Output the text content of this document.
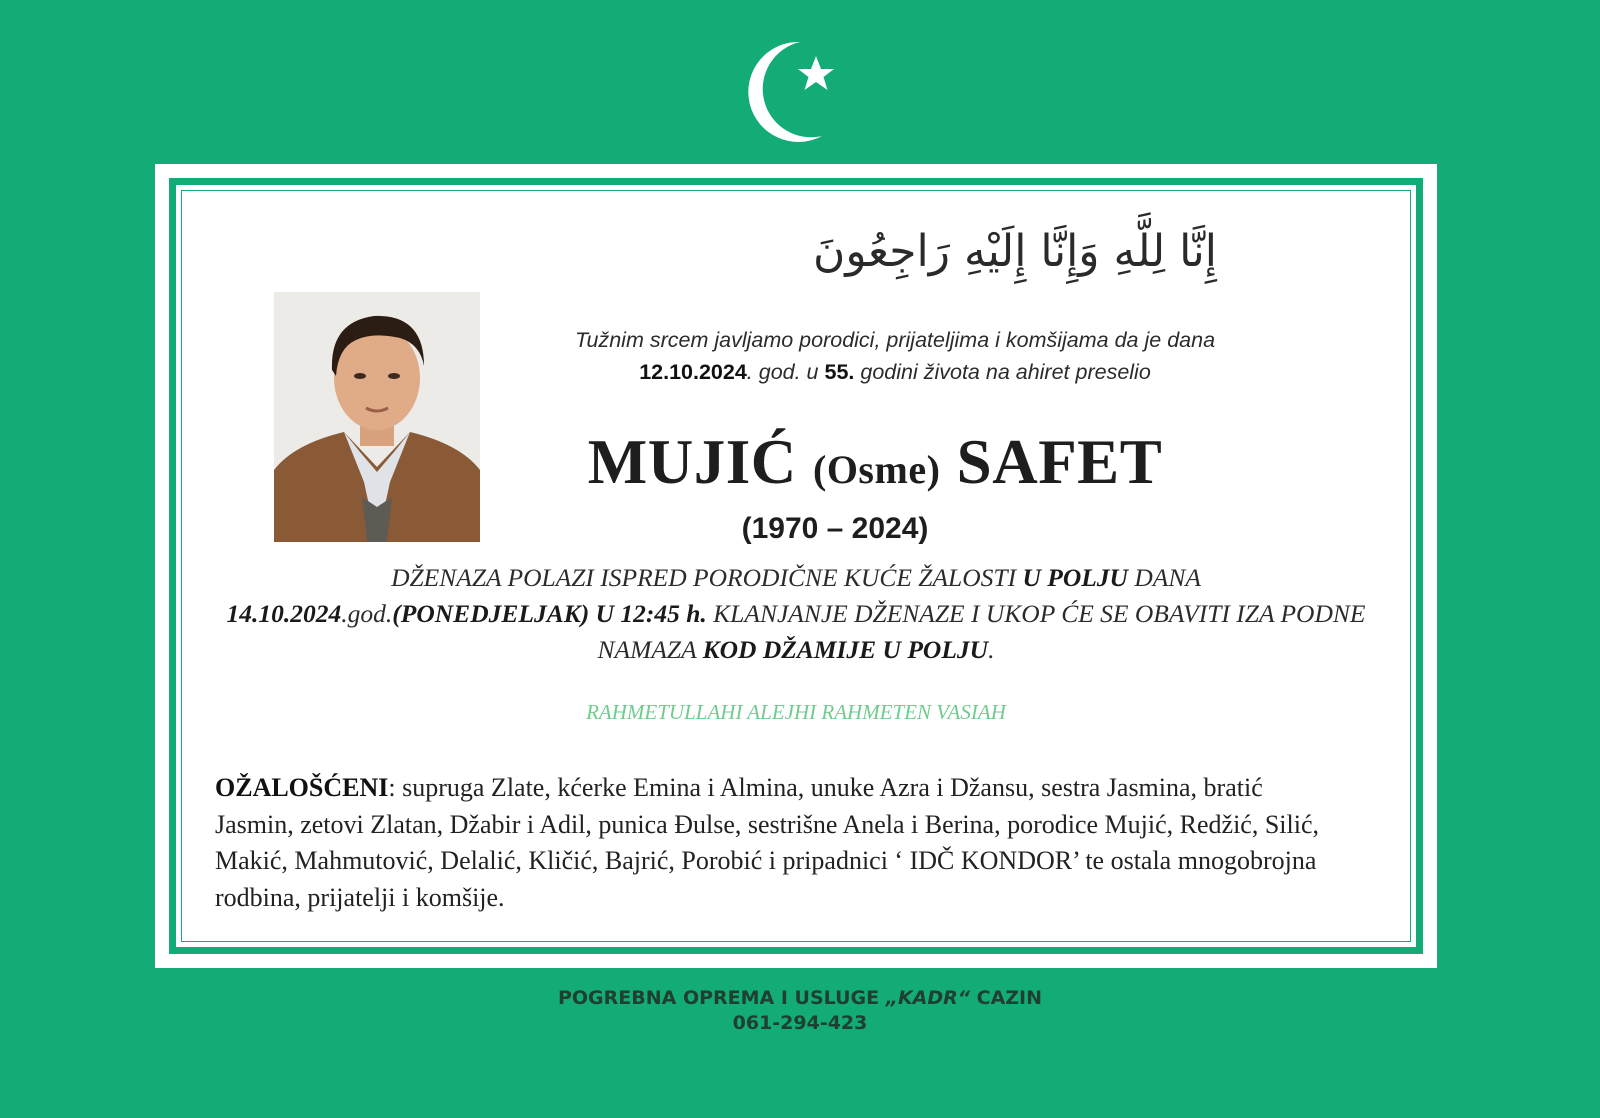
إِنَّا لِلَّهِ وَإِنَّا إِلَيْهِ رَاجِعُونَ
Tužnim srcem javljamo porodici, prijateljima i komšijama da je dana
12.10.2024. god. u 55. godini života na ahiret preselio
MUJIĆ (Osme) SAFET
(1970 – 2024)
DŽENAZA POLAZI ISPRED PORODIČNE KUĆE ŽALOSTI U POLJU DANA
14.10.2024.god.(PONEDJELJAK) U 12:45 h. KLANJANJE DŽENAZE I UKOP ĆE SE OBAVITI IZA PODNE NAMAZA KOD DŽAMIJE U POLJU.
RAHMETULLAHI ALEJHI RAHMETEN VASIAH
OŽALOŠĆENI: supruga Zlate, kćerke Emina i Almina, unuke Azra i Džansu, sestra Jasmina, bratić Jasmin, zetovi Zlatan, Džabir i Adil, punica Đulse, sestrišne Anela i Berina, porodice Mujić, Redžić, Silić, Makić, Mahmutović, Delalić, Kličić, Bajrić, Porobić i pripadnici ‘ IDČ KONDOR’ te ostala mnogobrojna rodbina, prijatelji i komšije.
POGREBNA OPREMA I USLUGE „KADR“ CAZIN
061-294-423
